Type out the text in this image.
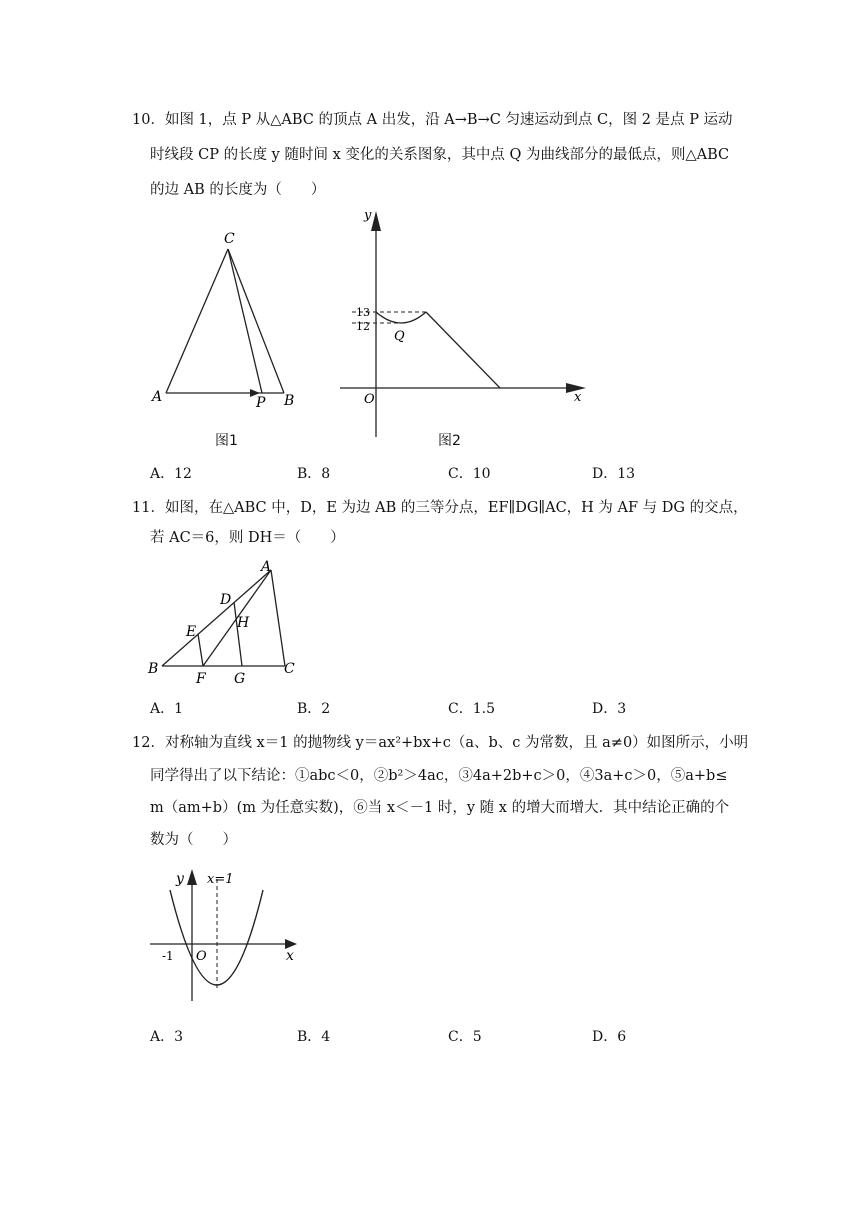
10．如图 1，点 P 从△ABC 的顶点 A 出发，沿 A→B→C 匀速运动到点 C，图 2 是点 P 运动
时线段 CP 的长度 y 随时间 x 变化的关系图象，其中点 Q 为曲线部分的最低点，则△ABC
的边 AB 的长度为（　　）
C
A	P B
图1
y
x
O
Q
13
12
图2
A．12	B．8	C．10	D．13
11．如图，在△ABC 中，D，E 为边 AB 的三等分点，EF∥DG∥AC，H 为 AF 与 DG 的交点，
若 AC＝6，则 DH＝（　　）
A
B	C
D
E
F G
H
A．1	B．2	C．1.5	D．3
12．对称轴为直线 x＝1 的抛物线 y＝ax²+bx+c（a、b、c 为常数，且 a≠0）如图所示，小明
同学得出了以下结论：①abc＜0，②b²＞4ac，③4a+2b+c＞0，④3a+c＞0，⑤a+b≤
m（am+b）(m 为任意实数)，⑥当 x＜－1 时，y 随 x 的增大而增大．其中结论正确的个
数为（　　）
y x=1
x
O
-1
A．3	B．4	C．5	D．6
